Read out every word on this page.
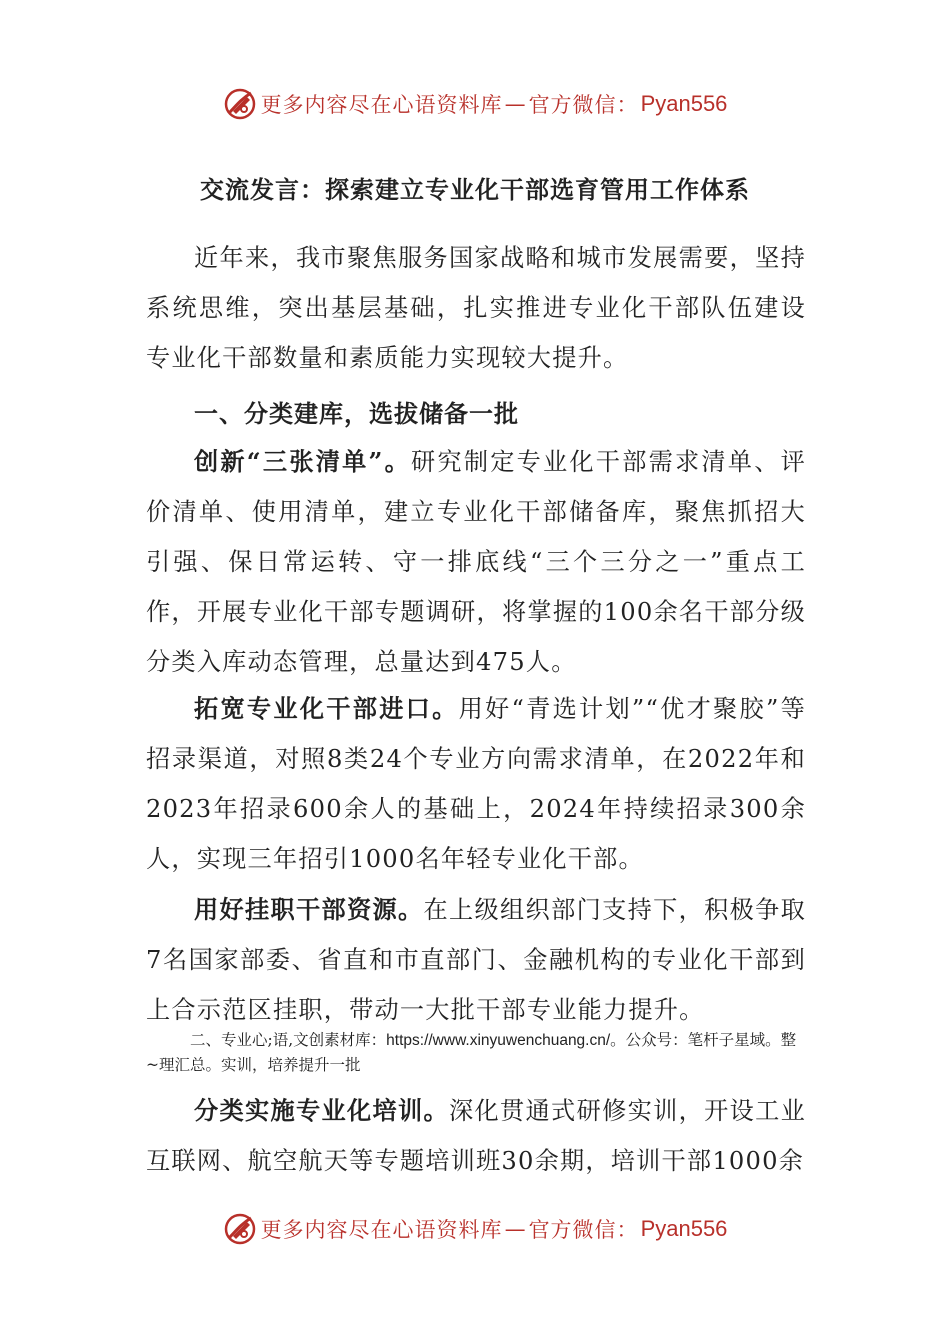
更多内容尽在心语资料库 — 官方微信： Pyan556
交流发言：探索建立专业化干部选育管用工作体系

近年来，我市聚焦服务国家战略和城市发展需要，坚持系统思维，突出基层基础，扎实推进专业化干部队伍建设专业化干部数量和素质能力实现较大提升。

一、分类建库，选拔储备一批

创新“三张清单”。研究制定专业化干部需求清单、评价清单、使用清单，建立专业化干部储备库，聚焦抓招大引强、保日常运转、守一排底线“三个三分之一”重点工作，开展专业化干部专题调研，将掌握的100余名干部分级分类入库动态管理，总量达到475人。

拓宽专业化干部进口。用好“青选计划”“优才聚胶”等招录渠道，对照8类24个专业方向需求清单，在2022年和2023年招录600余人的基础上，2024年持续招录300余人，实现三年招引1000名年轻专业化干部。

用好挂职干部资源。在上级组织部门支持下，积极争取7名国家部委、省直和市直部门、金融机构的专业化干部到上合示范区挂职，带动一大批干部专业能力提升。

二、专业心;语,文创素材库：https://www.xinyuwenchuang.cn/。公众号：笔杆子星域。整~理汇总。实训，培养提升一批

分类实施专业化培训。深化贯通式研修实训，开设工业互联网、航空航天等专题培训班30余期，培训干部1000余

更多内容尽在心语资料库 — 官方微信： Pyan556
